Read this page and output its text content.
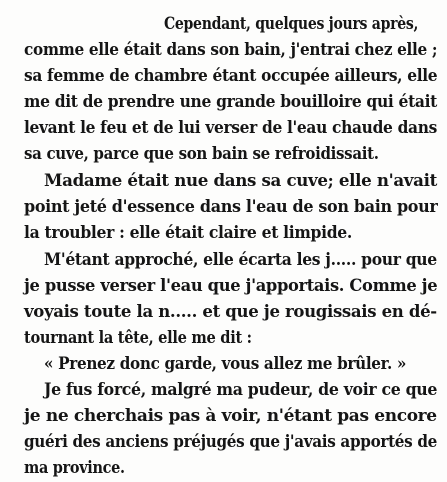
Cependant, quelques jours après,
comme elle était dans son bain, j'entrai chez elle ;
sa femme de chambre étant occupée ailleurs, elle
me dit de prendre une grande bouilloire qui était
levant le feu et de lui verser de l'eau chaude dans
sa cuve, parce que son bain se refroidissait.
Madame était nue dans sa cuve; elle n'avait
point jeté d'essence dans l'eau de son bain pour
la troubler : elle était claire et limpide.
M'étant approché, elle écarta les j..... pour que
je pusse verser l'eau que j'apportais. Comme je
voyais toute la n..... et que je rougissais en dé-
tournant la tête, elle me dit :
« Prenez donc garde, vous allez me brûler. »
Je fus forcé, malgré ma pudeur, de voir ce que
je ne cherchais pas à voir, n'étant pas encore
guéri des anciens préjugés que j'avais apportés de
ma province.
